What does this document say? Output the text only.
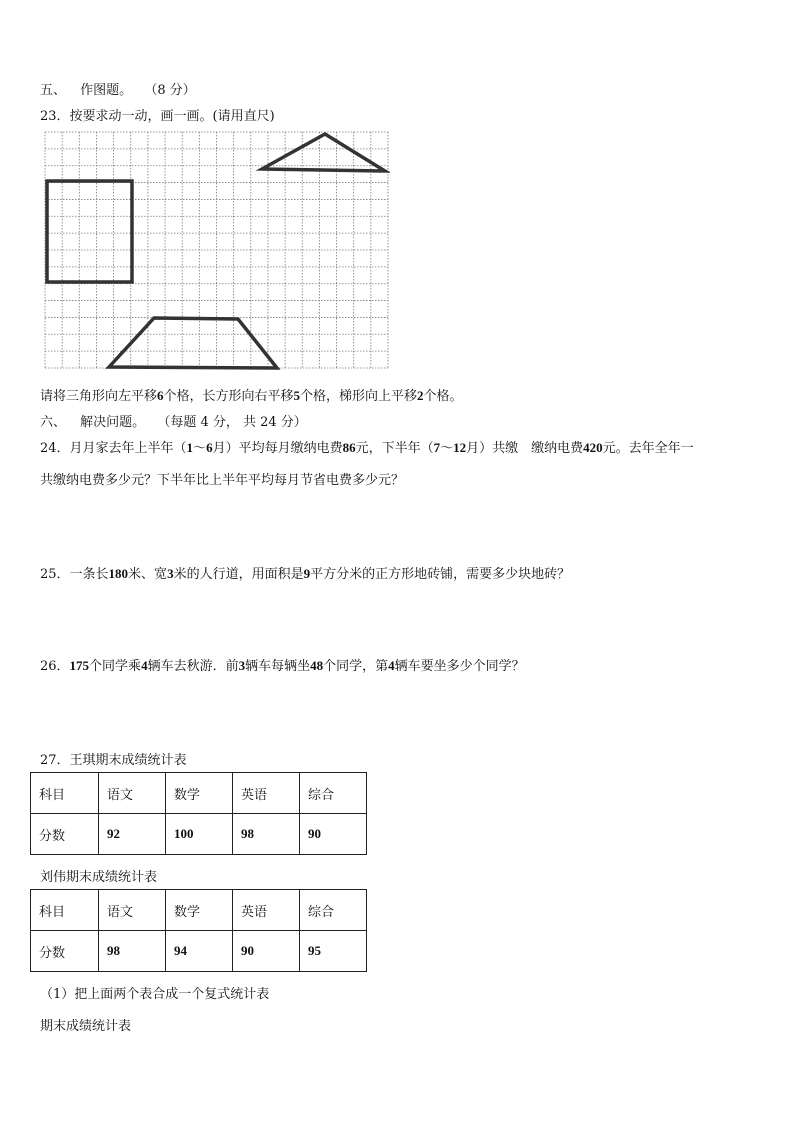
五、 作图题。 （8 分）

23．按要求动一动，画一画。(请用直尺)

请将三角形向左平移6个格，长方形向右平移5个格，梯形向上平移2个格。

六、 解决问题。 （每题 4 分， 共 24 分）

24．月月家去年上半年（1～6月）平均每月缴纳电费86元，下半年（7～12月）共缴　缴纳电费420元。去年全年一

共缴纳电费多少元？下半年比上半年平均每月节省电费多少元？

25．一条长180米、宽3米的人行道，用面积是9平方分米的正方形地砖铺，需要多少块地砖？

26．175个同学乘4辆车去秋游．前3辆车每辆坐48个同学，第4辆车要坐多少个同学？

27．王琪期末成绩统计表

科目	语文	数学	英语	综合
分数	92	100	98	90

刘伟期末成绩统计表

科目	语文	数学	英语	综合
分数	98	94	90	95

（1）把上面两个表合成一个复式统计表

期末成绩统计表
